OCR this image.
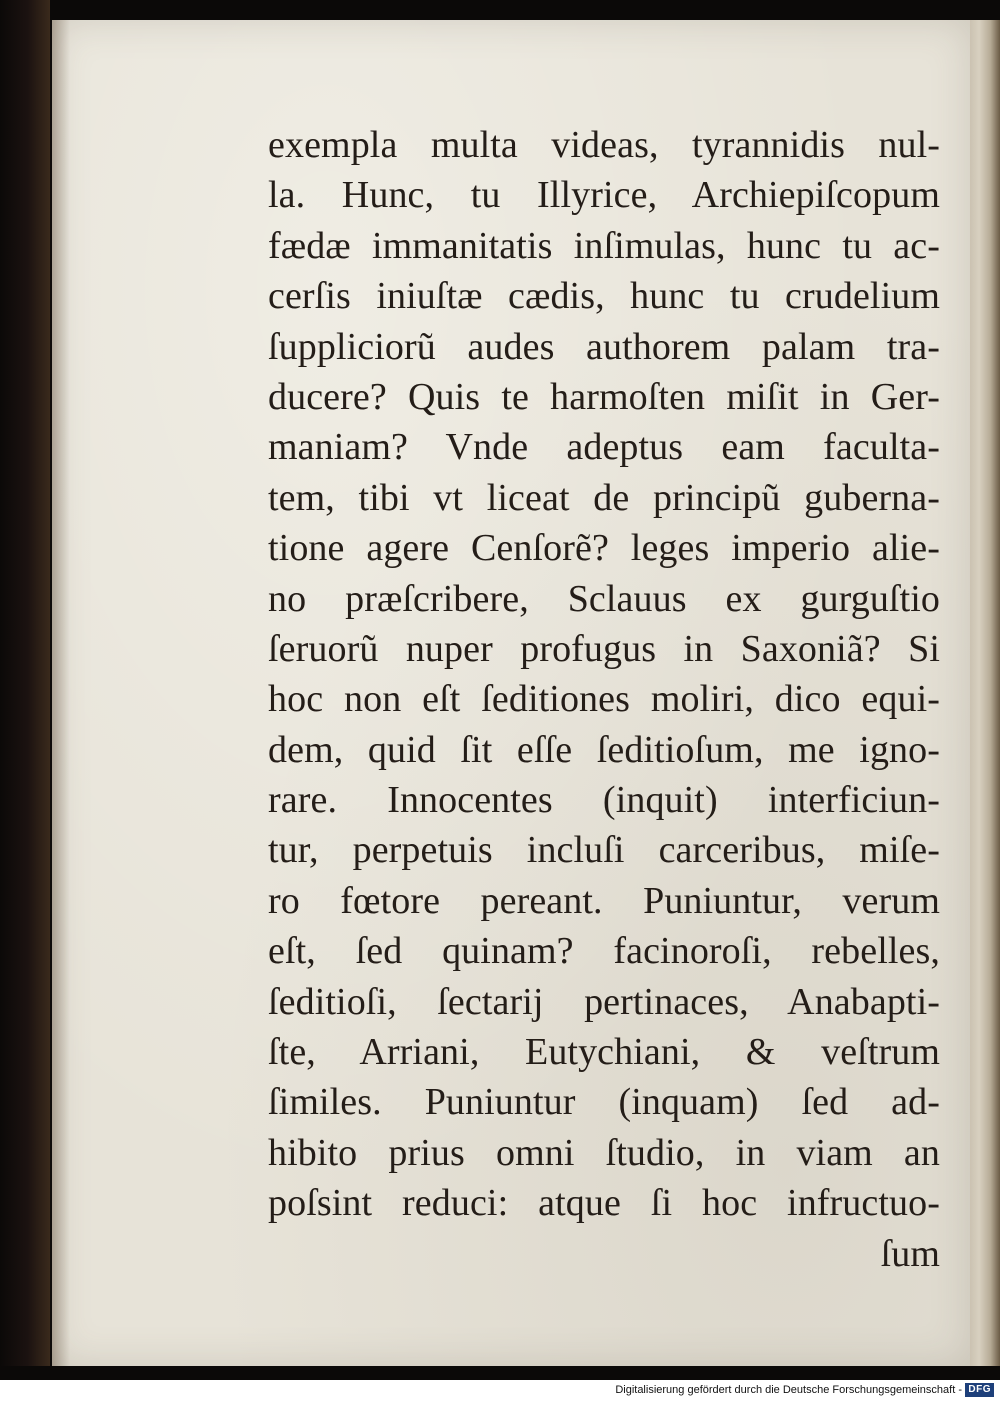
exempla multa videas, tyrannidis nul-
la. Hunc, tu Illyrice, Archiepiſcopum
fædæ immanitatis inſimulas, hunc tu ac-
cerſis iniuſtæ cædis, hunc tu crudelium
ſuppliciorũ audes authorem palam tra-
ducere? Quis te harmoſten miſit in Ger-
maniam? Vnde adeptus eam faculta-
tem, tibi vt liceat de principũ guberna-
tione agere Cenſorẽ? leges imperio alie-
no præſcribere, Sclauus ex gurguſtio
ſeruorũ nuper profugus in Saxoniã? Si
hoc non eſt ſeditiones moliri, dico equi-
dem, quid ſit eſſe ſeditioſum, me igno-
rare. Innocentes (inquit) interficiun-
tur, perpetuis incluſi carceribus, miſe-
ro fœtore pereant. Puniuntur, verum
eſt, ſed quinam? facinoroſi, rebelles,
ſeditioſi, ſectarij pertinaces, Anabapti-
ſte, Arriani, Eutychiani, & veſtrum
ſimiles. Puniuntur (inquam) ſed ad-
hibito prius omni ſtudio, in viam an
poſsint reduci: atque ſi hoc infructuo-
ſum
Digitalisierung gefördert durch die Deutsche Forschungsgemeinschaft - DFG
